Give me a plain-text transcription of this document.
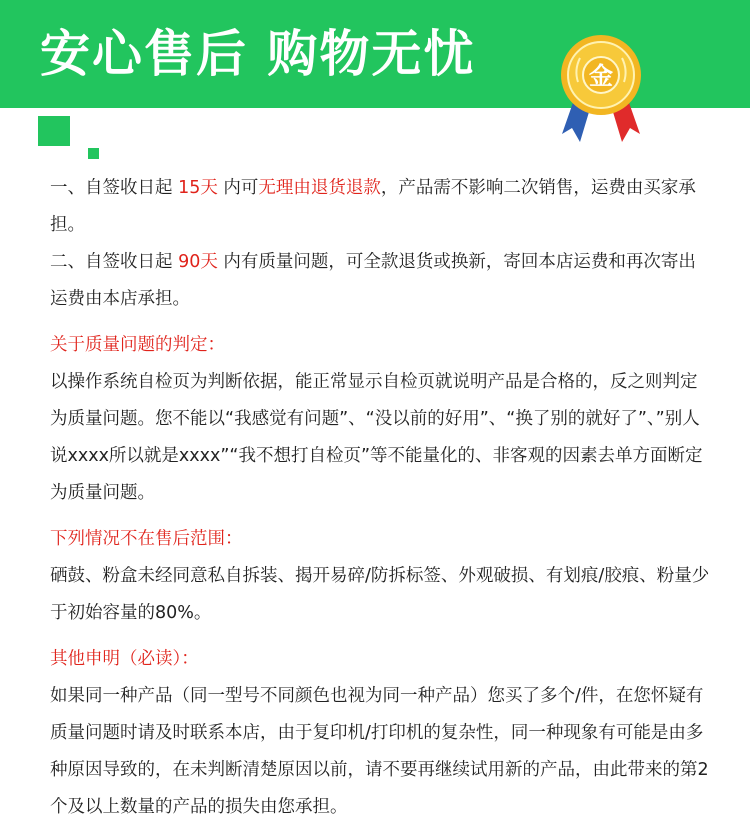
安心售后 购物无忧	金

一、自签收日起 15天 内可无理由退货退款，产品需不影响二次销售，运费由买家承担。

二、自签收日起 90天 内有质量问题，可全款退货或换新，寄回本店运费和再次寄出运费由本店承担。

关于质量问题的判定：

以操作系统自检页为判断依据，能正常显示自检页就说明产品是合格的，反之则判定为质量问题。您不能以“我感觉有问题”、“没以前的好用”、“换了别的就好了”、”别人说xxxx所以就是xxxx”“我不想打自检页”等不能量化的、非客观的因素去单方面断定为质量问题。

下列情况不在售后范围：

硒鼓、粉盒未经同意私自拆装、揭开易碎/防拆标签、外观破损、有划痕/胶痕、粉量少于初始容量的80%。

其他申明（必读）：

如果同一种产品（同一型号不同颜色也视为同一种产品）您买了多个/件，在您怀疑有质量问题时请及时联系本店，由于复印机/打印机的复杂性，同一种现象有可能是由多种原因导致的，在未判断清楚原因以前，请不要再继续试用新的产品，由此带来的第2个及以上数量的产品的损失由您承担。
